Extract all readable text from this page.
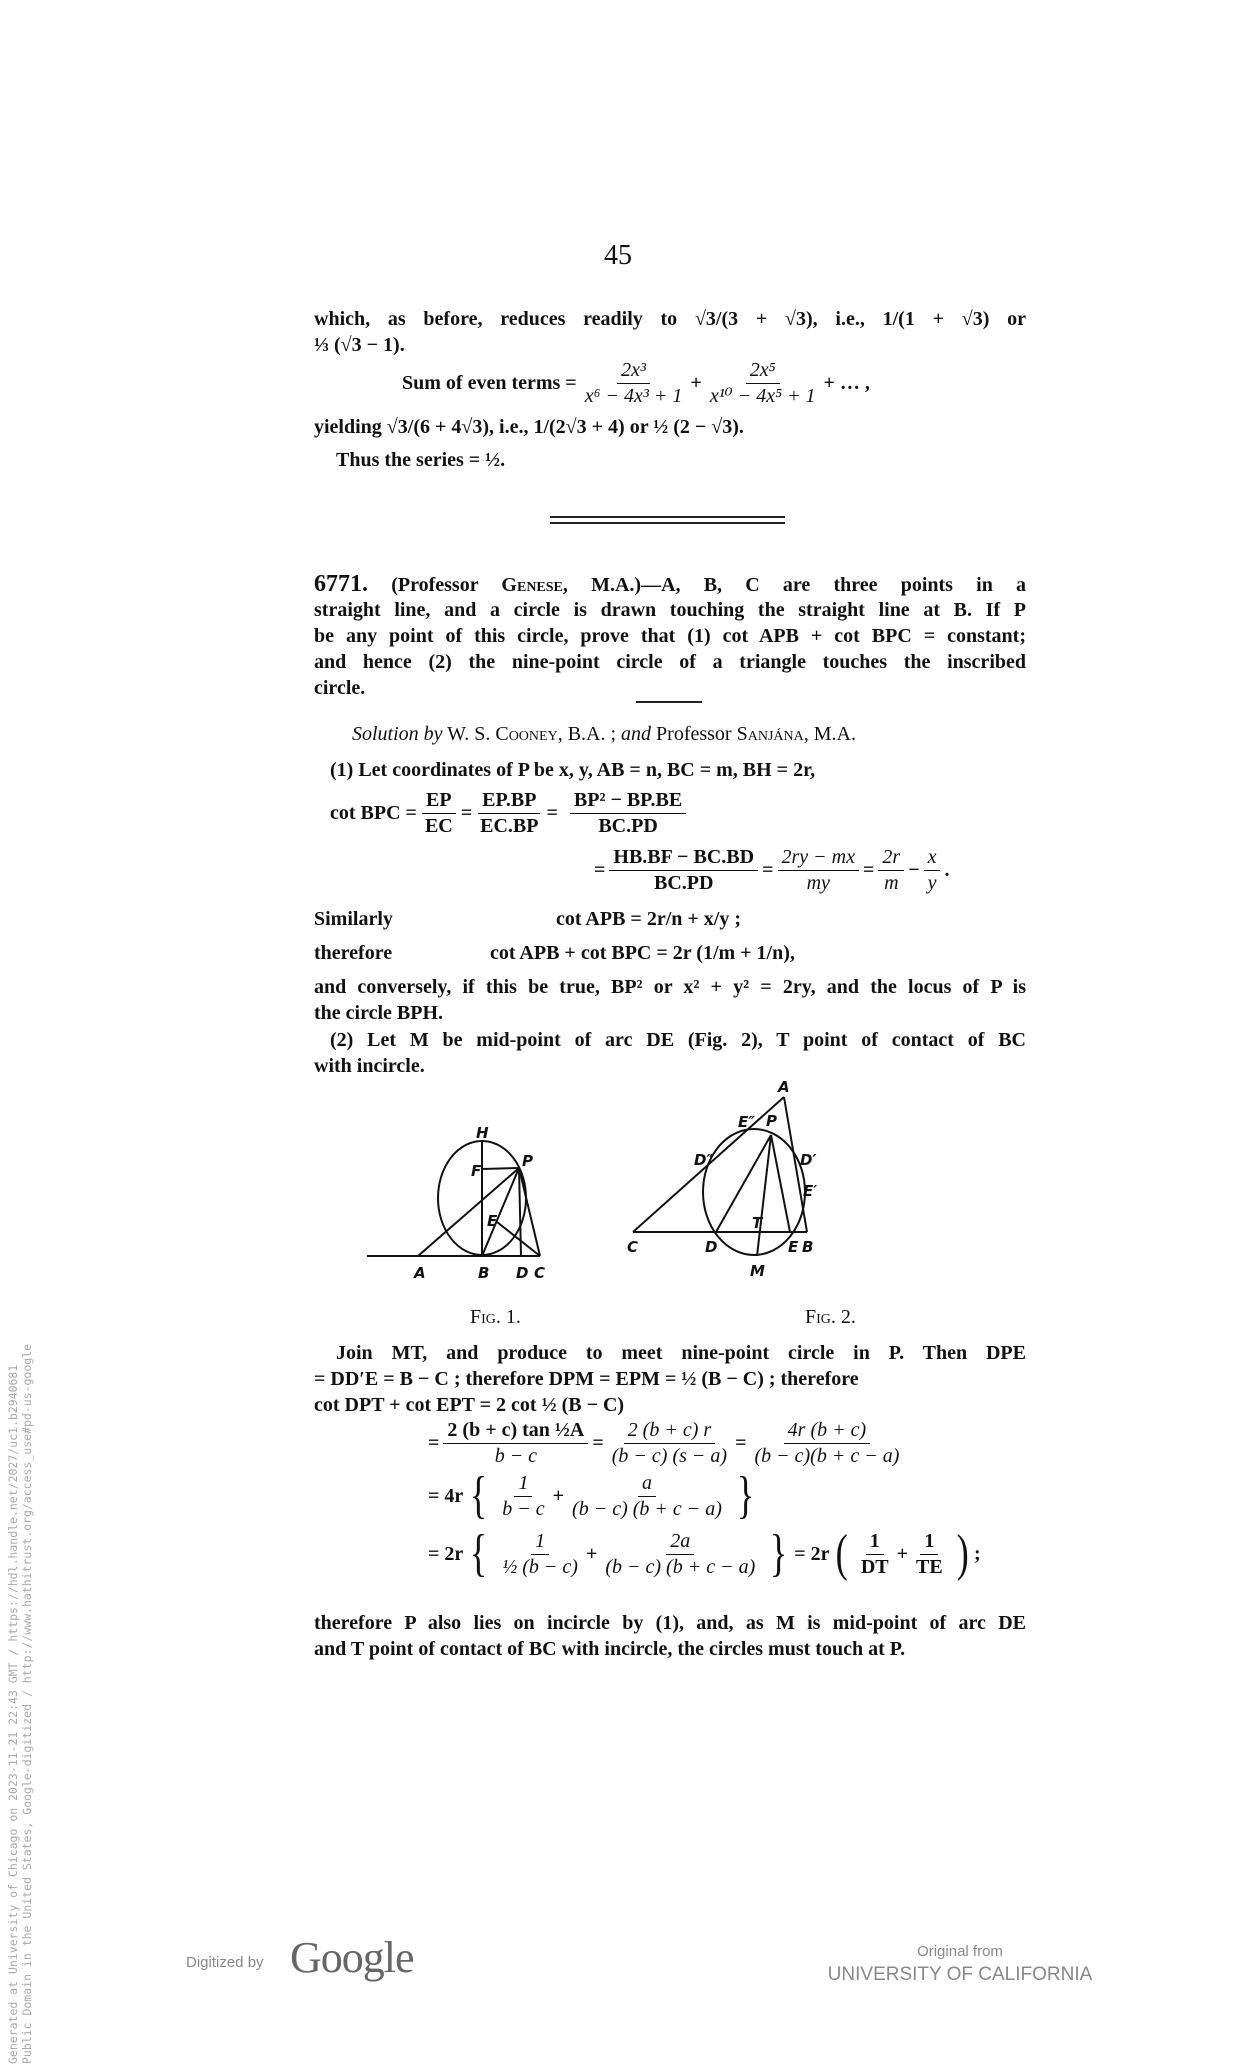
45
which, as before, reduces readily to √3/(3 + √3), i.e., 1/(1 + √3) or
⅓ (√3 − 1).
Sum of even terms = $\frac{\text{2x³}}{\text{x⁶ − 4x³ + 1}} + \frac{\text{2x⁵}}{\text{x¹⁰ − 4x⁵ + 1}}$ + … ,
yielding √3/(6 + 4√3), i.e., 1/(2√3 + 4) or ½ (2 − √3).
Thus the series = ½.
6771. (Professor Genese, M.A.)—A, B, C are three points in a
straight line, and a circle is drawn touching the straight line at B. If P
be any point of this circle, prove that (1) cot APB + cot BPC = constant;
and hence (2) the nine-point circle of a triangle touches the inscribed
circle.
Solution by W. S. Cooney, B.A. ; and Professor Sanjána, M.A.
(1) Let coordinates of P be x, y, AB = n, BC = m, BH = 2r,
cot BPC = $\frac{EP}{EC} = \frac{EP.BP}{EC.BP} = \frac{\text{BP² − BP.BE}}{BC.PD}$
= $\frac{HB.BF - BC.BD}{BC.PD} = \frac{2ry - mx}{my} = \frac{2r}{m} - \frac{x}{y}$ .
Similarly	cot APB = 2r/n + x/y ;
therefore	cot APB + cot BPC = 2r (1/m + 1/n),
and conversely, if this be true, BP² or x² + y² = 2ry, and the locus of P is
the circle BPH.
(2) Let M be mid-point of arc DE (Fig. 2), T point of contact of BC
with incircle.
H
F
P
E
A	B D C
A
E″ P
D″	D′
E′
T
C	D	E B
M
Fig. 1.	Fig. 2.
Join MT, and produce to meet nine-point circle in P. Then DPE
= DD′E = B − C ; therefore DPM = EPM = ½ (B − C) ; therefore
cot DPT + cot EPT = 2 cot ½ (B − C)
= $\frac{\text{2 (b + c) tan ½A}}{b - c} = \frac{2 (b + c) r}{(b - c) (s - a)} = \frac{4r (b + c)}{(b - c)(b + c - a)}$
= 4r { $\frac{1}{b - c} + \frac{a}{(b - c) (b + c - a)}$ }
= 2r { $\frac{1}{\text{½ (b − c)}} + \frac{2a}{(b - c) (b + c - a)}$ } = 2r ( $\frac{1}{DT} + \frac{1}{TE}$ ) ;
therefore P also lies on incircle by (1), and, as M is mid-point of arc DE
and T point of contact of BC with incircle, the circles must touch at P.
Generated at University of Chicago on 2023-11-21 22:43 GMT / https://hdl.handle.net/2027/uc1.b2940681 Public Domain in the United States, Google-digitized / http://www.hathitrust.org/access_use#pd-us-google	Digitized by Google	Original from
UNIVERSITY OF CALIFORNIA
